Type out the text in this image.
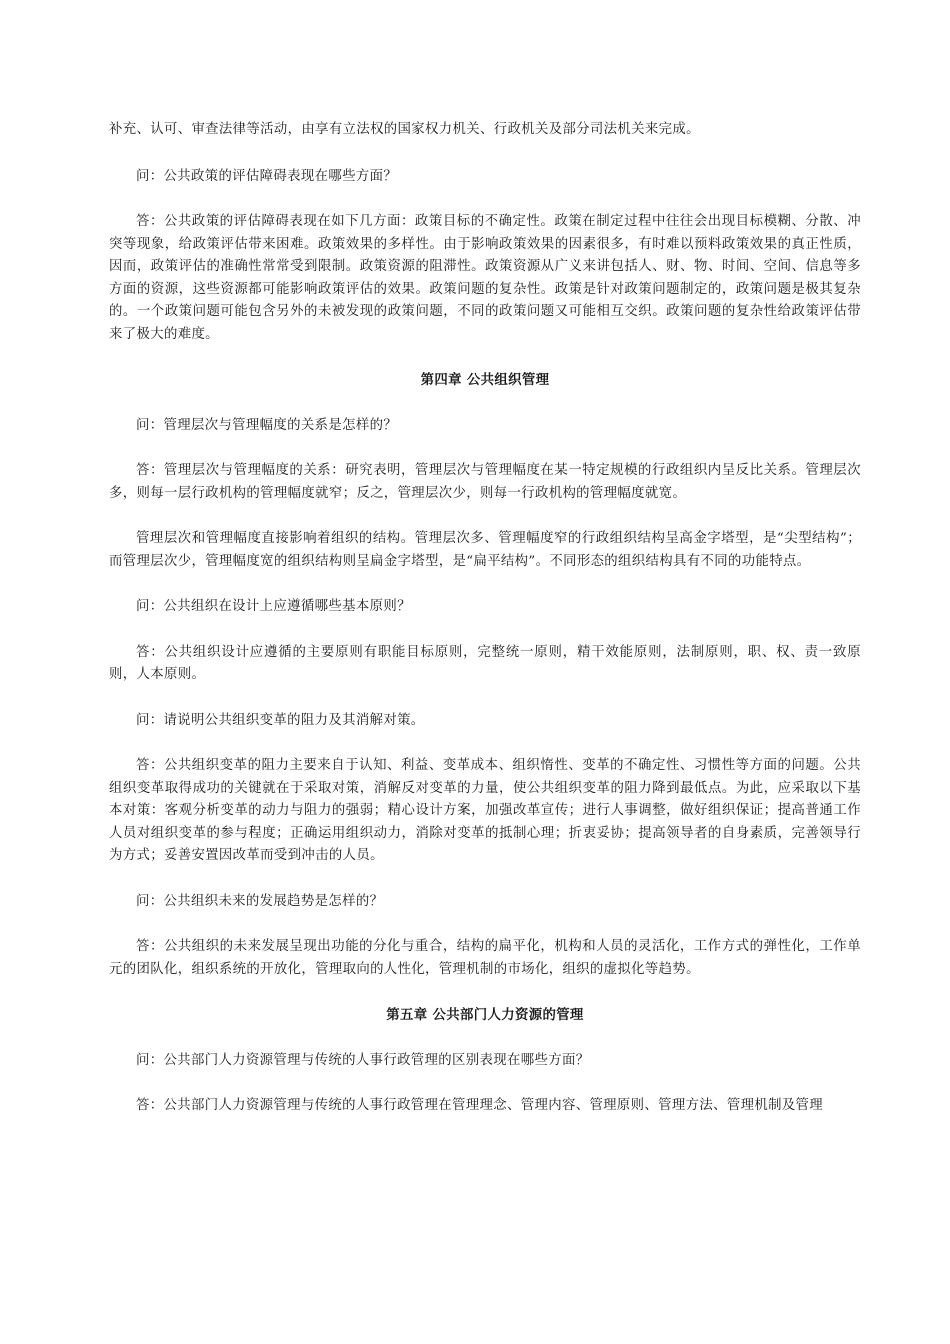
补充、认可、审查法律等活动，由享有立法权的国家权力机关、行政机关及部分司法机关来完成。

问：公共政策的评估障碍表现在哪些方面？

答：公共政策的评估障碍表现在如下几方面：政策目标的不确定性。政策在制定过程中往往会出现目标模糊、分散、冲突等现象，给政策评估带来困难。政策效果的多样性。由于影响政策效果的因素很多，有时难以预料政策效果的真正性质，因而，政策评估的准确性常常受到限制。政策资源的阻滞性。政策资源从广义来讲包括人、财、物、时间、空间、信息等多方面的资源，这些资源都可能影响政策评估的效果。政策问题的复杂性。政策是针对政策问题制定的，政策问题是极其复杂的。一个政策问题可能包含另外的未被发现的政策问题，不同的政策问题又可能相互交织。政策问题的复杂性给政策评估带来了极大的难度。

第四章 公共组织管理

问：管理层次与管理幅度的关系是怎样的？

答：管理层次与管理幅度的关系：研究表明，管理层次与管理幅度在某一特定规模的行政组织内呈反比关系。管理层次多，则每一层行政机构的管理幅度就窄；反之，管理层次少，则每一行政机构的管理幅度就宽。

管理层次和管理幅度直接影响着组织的结构。管理层次多、管理幅度窄的行政组织结构呈高金字塔型，是“尖型结构”；而管理层次少，管理幅度宽的组织结构则呈扁金字塔型，是“扁平结构”。不同形态的组织结构具有不同的功能特点。

问：公共组织在设计上应遵循哪些基本原则？

答：公共组织设计应遵循的主要原则有职能目标原则，完整统一原则，精干效能原则，法制原则，职、权、责一致原则，人本原则。

问：请说明公共组织变革的阻力及其消解对策。

答：公共组织变革的阻力主要来自于认知、利益、变革成本、组织惰性、变革的不确定性、习惯性等方面的问题。公共组织变革取得成功的关键就在于采取对策，消解反对变革的力量，使公共组织变革的阻力降到最低点。为此，应采取以下基本对策：客观分析变革的动力与阻力的强弱；精心设计方案，加强改革宣传；进行人事调整，做好组织保证；提高普通工作人员对组织变革的参与程度；正确运用组织动力，消除对变革的抵制心理；折衷妥协；提高领导者的自身素质，完善领导行为方式；妥善安置因改革而受到冲击的人员。

问：公共组织未来的发展趋势是怎样的？

答：公共组织的未来发展呈现出功能的分化与重合，结构的扁平化，机构和人员的灵活化，工作方式的弹性化，工作单元的团队化，组织系统的开放化，管理取向的人性化，管理机制的市场化，组织的虚拟化等趋势。

第五章 公共部门人力资源的管理

问：公共部门人力资源管理与传统的人事行政管理的区别表现在哪些方面？

答：公共部门人力资源管理与传统的人事行政管理在管理理念、管理内容、管理原则、管理方法、管理机制及管理
